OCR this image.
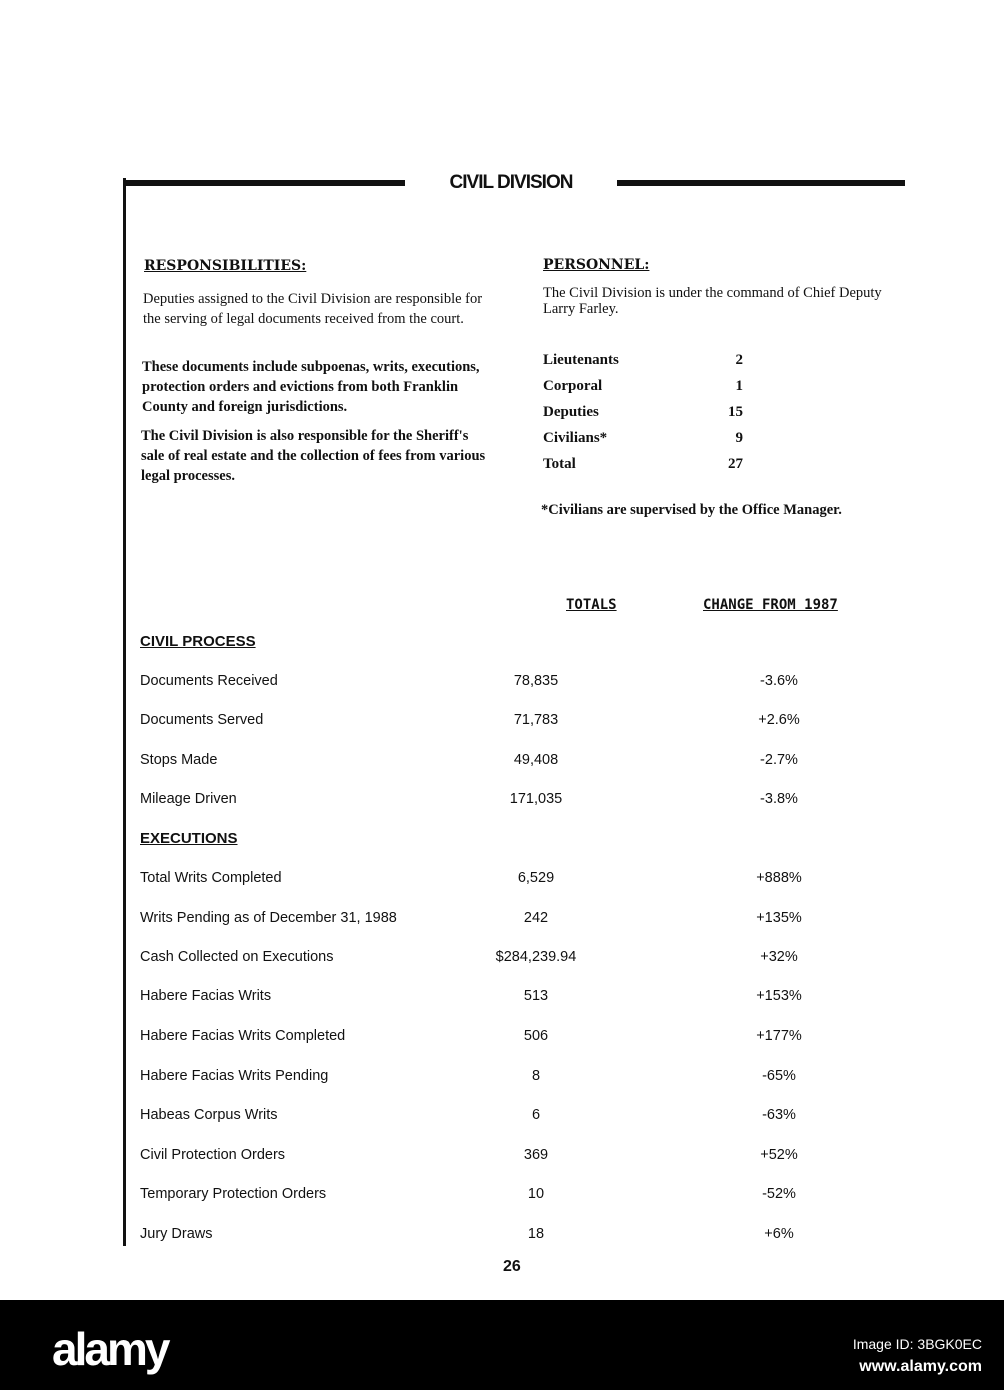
CIVIL DIVISION
RESPONSIBILITIES:
Deputies assigned to the Civil Division are responsible for the serving of legal documents received from the court.
These documents include subpoenas, writs, executions, protection orders and evictions from both Franklin County and foreign jurisdictions.
The Civil Division is also responsible for the Sheriff's sale of real estate and the collection of fees from various legal processes.
PERSONNEL:
The Civil Division is under the command of Chief Deputy Larry Farley.
Lieutenants	2
Corporal	1
Deputies	15
Civilians*	9
Total	27
*Civilians are supervised by the Office Manager.
TOTALS	CHANGE FROM 1987
CIVIL PROCESS
Documents Received	78,835	-3.6%
Documents Served	71,783	+2.6%
Stops Made	49,408	-2.7%
Mileage Driven	171,035	-3.8%
EXECUTIONS
Total Writs Completed	6,529	+888%
Writs Pending as of December 31, 1988	242	+135%
Cash Collected on Executions	$284,239.94	+32%
Habere Facias Writs	513	+153%
Habere Facias Writs Completed	506	+177%
Habere Facias Writs Pending	8	-65%
Habeas Corpus Writs	6	-63%
Civil Protection Orders	369	+52%
Temporary Protection Orders	10	-52%
Jury Draws	18	+6%
26
alamy	Image ID: 3BGK0EC
www.alamy.com
